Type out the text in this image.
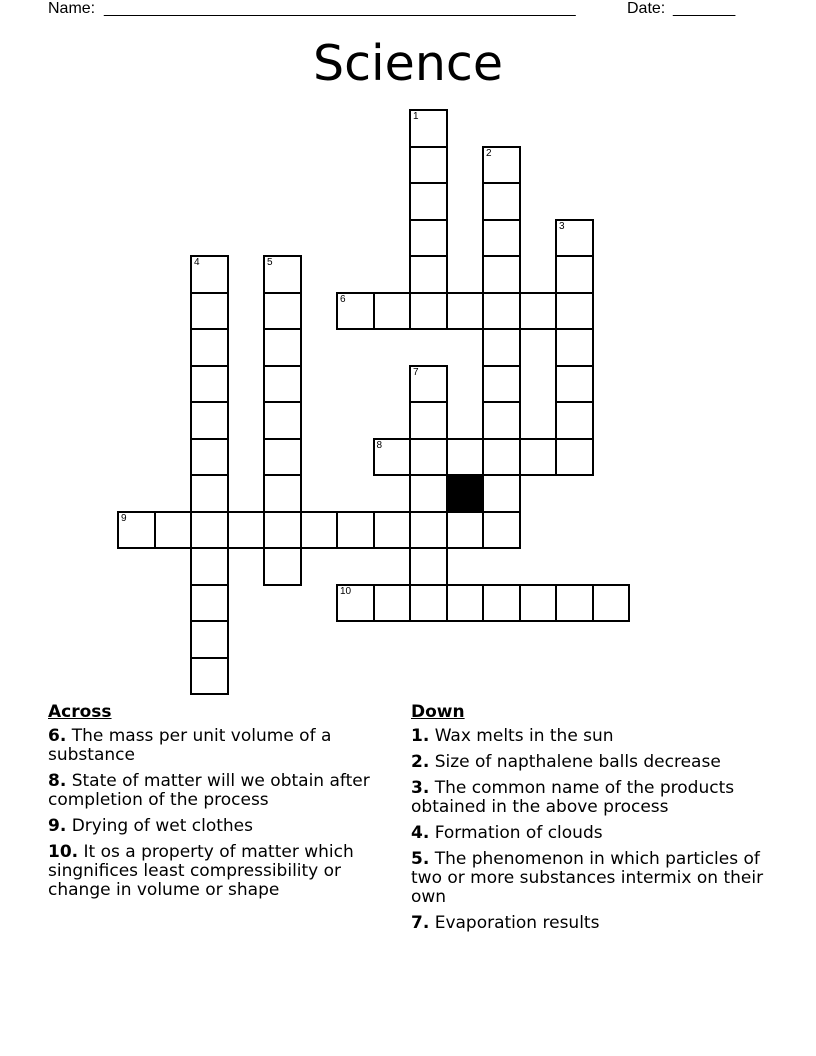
Name: _____________________________________________________	Date: _______
Science
1
2
3
4	5
6
7
8
9
10
Across
6. The mass per unit volume of a substance
8. State of matter will we obtain after completion of the process
9. Drying of wet clothes
10. It os a property of matter which singnifices least compressibility or change in volume or shape
Down
1. Wax melts in the sun
2. Size of napthalene balls decrease
3. The common name of the products obtained in the above process
4. Formation of clouds
5. The phenomenon in which particles of two or more substances intermix on their own
7. Evaporation results
